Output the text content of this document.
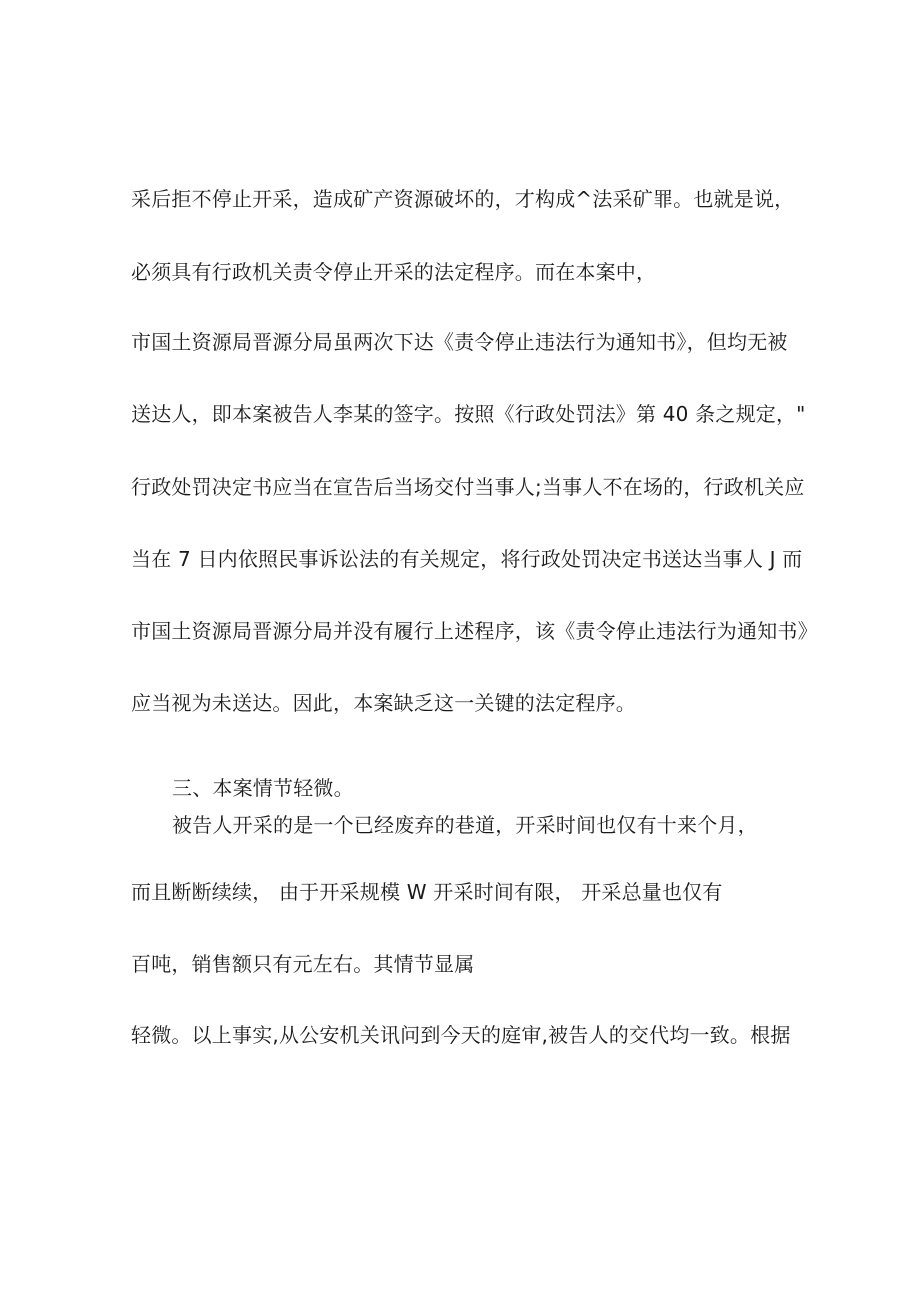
采后拒不停止开采，造成矿产资源破坏的，才构成^法采矿罪。也就是说，
必须具有行政机关责令停止开采的法定程序。而在本案中，
市国土资源局晋源分局虽两次下达《责令停止违法行为通知书》，但均无被
送达人，即本案被告人李某的签字。按照《行政处罚法》第 40 条之规定，"
行政处罚决定书应当在宣告后当场交付当事人;当事人不在场的，行政机关应
当在 7 日内依照民事诉讼法的有关规定，将行政处罚决定书送达当事人 J 而
市国土资源局晋源分局并没有履行上述程序，该《责令停止违法行为通知书》
应当视为未送达。因此，本案缺乏这一关键的法定程序。
三、本案情节轻微。
被告人开采的是一个已经废弃的巷道，开采时间也仅有十来个月，
而且断断续续， 由于开采规模 W 开采时间有限， 开采总量也仅有
百吨，销售额只有元左右。其情节显属
轻微。以上事实,从公安机关讯问到今天的庭审,被告人的交代均一致。根据
